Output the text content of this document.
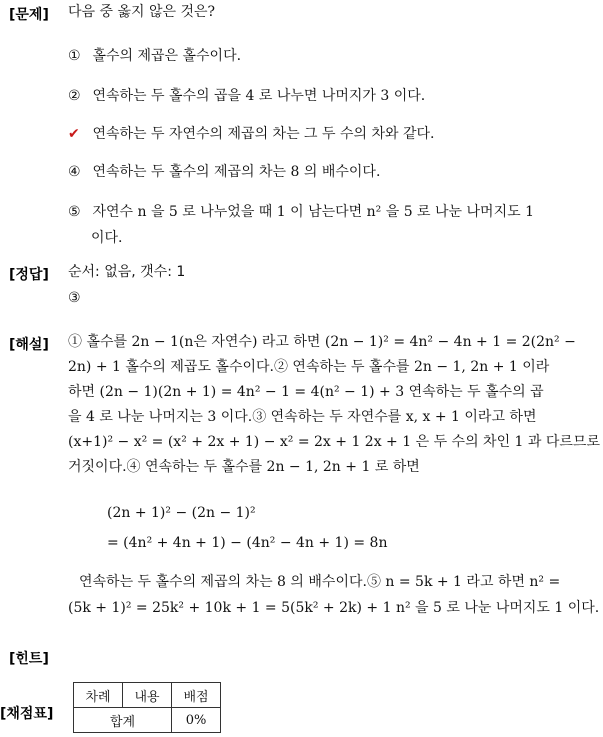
[문제] 다음 중 옳지 않은 것은?
① 홀수의 제곱은 홀수이다.
② 연속하는 두 홀수의 곱을 4 로 나누면 나머지가 3 이다.
✔ 연속하는 두 자연수의 제곱의 차는 그 두 수의 차와 같다.
④ 연속하는 두 홀수의 제곱의 차는 8 의 배수이다.
⑤ 자연수 n 을 5 로 나누었을 때 1 이 남는다면 n² 을 5 로 나눈 나머지도 1
이다.
[정답] 순서: 없음, 갯수: 1
③
[해설] ① 홀수를 2n − 1(n은 자연수) 라고 하면 (2n − 1)² = 4n² − 4n + 1 = 2(2n² −
2n) + 1 홀수의 제곱도 홀수이다.② 연속하는 두 홀수를 2n − 1, 2n + 1 이라
하면 (2n − 1)(2n + 1) = 4n² − 1 = 4(n² − 1) + 3 연속하는 두 홀수의 곱
을 4 로 나눈 나머지는 3 이다.③ 연속하는 두 자연수를 x, x + 1 이라고 하면
(x+1)² − x² = (x² + 2x + 1) − x² = 2x + 1 2x + 1 은 두 수의 차인 1 과 다르므로
거짓이다.④ 연속하는 두 홀수를 2n − 1, 2n + 1 로 하면
(2n + 1)² − (2n − 1)²
= (4n² + 4n + 1) − (4n² − 4n + 1) = 8n
연속하는 두 홀수의 제곱의 차는 8 의 배수이다.⑤ n = 5k + 1 라고 하면 n² =
(5k + 1)² = 25k² + 10k + 1 = 5(5k² + 2k) + 1 n² 을 5 로 나눈 나머지도 1 이다.
[힌트]
[채점표]
차례	내용	배점
합계		0%
